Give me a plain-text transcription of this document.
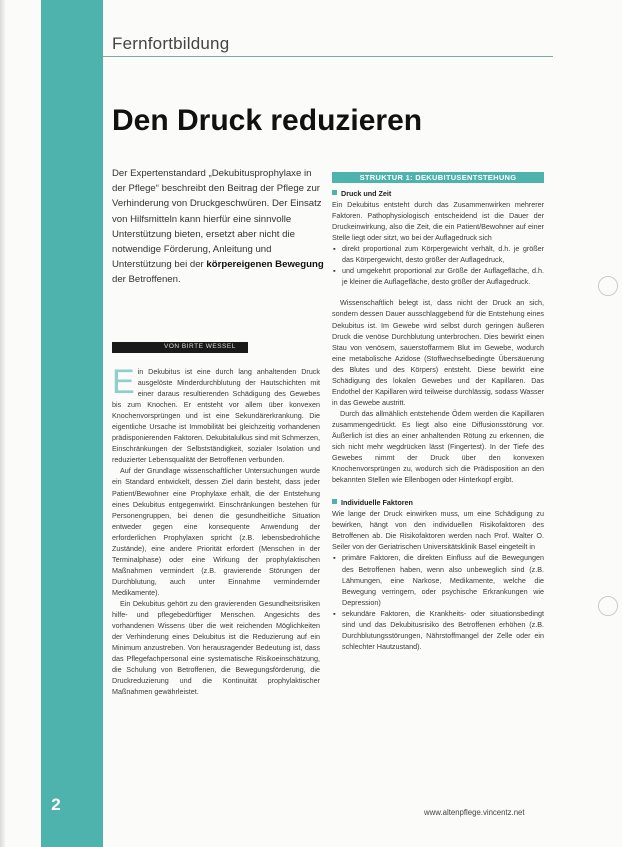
2
Fernfortbildung
Den Druck reduzieren
Der Expertenstandard „Dekubitusprophylaxe in der Pflege“ beschreibt den Beitrag der Pflege zur Verhinderung von Druckgeschwüren. Der Einsatz von Hilfsmitteln kann hierfür eine sinnvolle Unterstützung bieten, ersetzt aber nicht die notwendige Förderung, Anleitung und Unterstützung bei der körpereigenen Bewegung der Betroffenen.
VON BIRTE WESSEL

Ein Dekubitus ist eine durch lang anhaltenden Druck ausgelöste Minderdurchblutung der Hautschichten mit einer daraus resultierenden Schädigung des Gewebes bis zum Knochen. Er entsteht vor allem über konvexen Knochenvorsprüngen und ist eine Sekundärerkrankung. Die eigentliche Ursache ist Immobilität bei gleichzeitig vorhandenen prädisponierenden Faktoren. Dekubitalulkus sind mit Schmerzen, Einschränkungen der Selbstständigkeit, sozialer Isolation und reduzierter Lebensqualität der Betroffenen verbunden.

Auf der Grundlage wissenschaftlicher Untersuchungen wurde ein Standard entwickelt, dessen Ziel darin besteht, dass jeder Patient/Bewohner eine Prophylaxe erhält, die der Entstehung eines Dekubitus entgegenwirkt. Einschränkungen bestehen für Personengruppen, bei denen die gesundheitliche Situation entweder gegen eine konsequente Anwendung der erforderlichen Prophylaxen spricht (z.B. lebensbedrohliche Zustände), eine andere Priorität erfordert (Menschen in der Terminalphase) oder eine Wirkung der prophylaktischen Maßnahmen vermindert (z.B. gravierende Störungen der Durchblutung, auch unter Einnahme vermindernder Medikamente).

Ein Dekubitus gehört zu den gravierenden Gesundheitsrisiken hilfe- und pflegebedürftiger Menschen. Angesichts des vorhandenen Wissens über die weit reichenden Möglichkeiten der Verhinderung eines Dekubitus ist die Reduzierung auf ein Minimum anzustreben. Von herausragender Bedeutung ist, dass das Pflegefachpersonal eine systematische Risikoeinschätzung, die Schulung von Betroffenen, die Bewegungsförderung, die Druckreduzierung und die Kontinuität prophylaktischer Maßnahmen gewährleistet.

STRUKTUR 1: DEKUBITUSENTSTEHUNG
Druck und Zeit

Ein Dekubitus entsteht durch das Zusammenwirken mehrerer Faktoren. Pathophysiologisch entscheidend ist die Dauer der Druckeinwirkung, also die Zeit, die ein Patient/Bewohner auf einer Stelle liegt oder sitzt, wo bei der Auflagedruck sich

▪ direkt proportional zum Körpergewicht verhält, d.h. je größer das Körpergewicht, desto größer der Auflagedruck,
▪ und umgekehrt proportional zur Größe der Auflagefläche, d.h. je kleiner die Auflagefläche, desto größer der Auflagedruck.

Wissenschaftlich belegt ist, dass nicht der Druck an sich, sondern dessen Dauer ausschlaggebend für die Entstehung eines Dekubitus ist. Im Gewebe wird selbst durch geringen äußeren Druck die venöse Durchblutung unterbrochen. Dies bewirkt einen Stau von venösem, sauerstoffarmem Blut im Gewebe, wodurch eine metabolische Azidose (Stoffwechselbedingte Übersäuerung des Blutes und des Körpers) entsteht. Diese bewirkt eine Schädigung des lokalen Gewebes und der Kapillaren. Das Endothel der Kapillaren wird teilweise durchlässig, sodass Wasser in das Gewebe austritt.

Durch das allmählich entstehende Ödem werden die Kapillaren zusammengedrückt. Es liegt also eine Diffusionsstörung vor. Äußerlich ist dies an einer anhaltenden Rötung zu erkennen, die sich nicht mehr wegdrücken lässt (Fingertest). In der Tiefe des Gewebes nimmt der Druck über den konvexen Knochenvorsprüngen zu, wodurch sich die Prädisposition an den bekannten Stellen wie Ellenbogen oder Hinterkopf ergibt.

Individuelle Faktoren

Wie lange der Druck einwirken muss, um eine Schädigung zu bewirken, hängt von den individuellen Risikofaktoren des Betroffenen ab. Die Risikofaktoren werden nach Prof. Walter O. Seiler von der Geriatrischen Universitätsklinik Basel eingeteilt in

▪ primäre Faktoren, die direkten Einfluss auf die Bewegungen des Betroffenen haben, wenn also unbeweglich sind (z.B. Lähmungen, eine Narkose, Medikamente, welche die Bewegung verringern, oder psychische Erkrankungen wie Depression)
▪ sekundäre Faktoren, die Krankheits- oder situationsbedingt sind und das Dekubitusrisiko des Betroffenen erhöhen (z.B. Durchblutungsstörungen, Nährstoffmangel der Zelle oder ein schlechter Hautzustand).
www.altenpflege.vincentz.net
